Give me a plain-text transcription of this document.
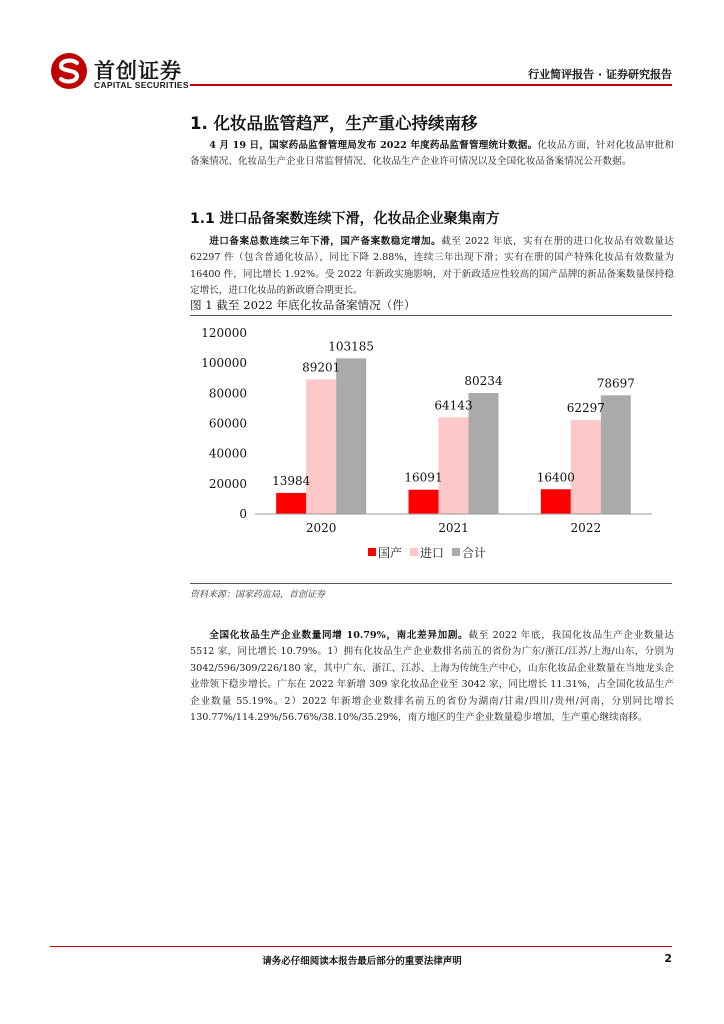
首创证券
CAPITAL SECURITIES
行业简评报告 · 证券研究报告
1. 化妆品监管趋严，生产重心持续南移
4 月 19 日，国家药品监督管理局发布 2022 年度药品监督管理统计数据。化妆品方面，针对化妆品审批和备案情况、化妆品生产企业日常监督情况、化妆品生产企业许可情况以及全国化妆品备案情况公开数据。
1.1 进口品备案数连续下滑，化妆品企业聚集南方
进口备案总数连续三年下滑，国产备案数稳定增加。截至 2022 年底，实有在册的进口化妆品有效数量达 62297 件（包含普通化妆品），同比下降 2.88%，连续三年出现下滑；实有在册的国产特殊化妆品有效数量为 16400 件，同比增长 1.92%。受 2022 年新政实施影响，对于新政适应性较高的国产品牌的新品备案数量保持稳定增长，进口化妆品的新政磨合期更长。
图 1 截至 2022 年底化妆品备案情况（件）
0
20000
40000
60000
80000
100000
120000
13984
89201
103185
16091
64143
80234
16400
62297
78697
2020	2021	2022
国产 进口 合计
资料来源：国家药监局，首创证券
全国化妆品生产企业数量同增 10.79%，南北差异加剧。截至 2022 年底，我国化妆品生产企业数量达 5512 家，同比增长 10.79%。1）拥有化妆品生产企业数排名前五的省份为广东/浙江/江苏/上海/山东，分别为 3042/596/309/226/180 家，其中广东、浙江、江苏、上海为传统生产中心，山东化妆品企业数量在当地龙头企业带领下稳步增长。广东在 2022 年新增 309 家化妆品企业至 3042 家，同比增长 11.31%，占全国化妆品生产企业数量 55.19%。2）2022 年新增企业数排名前五的省份为湖南/甘肃/四川/贵州/河南，分别同比增长 130.77%/114.29%/56.76%/38.10%/35.29%，南方地区的生产企业数量稳步增加，生产重心继续南移。
请务必仔细阅读本报告最后部分的重要法律声明	2
